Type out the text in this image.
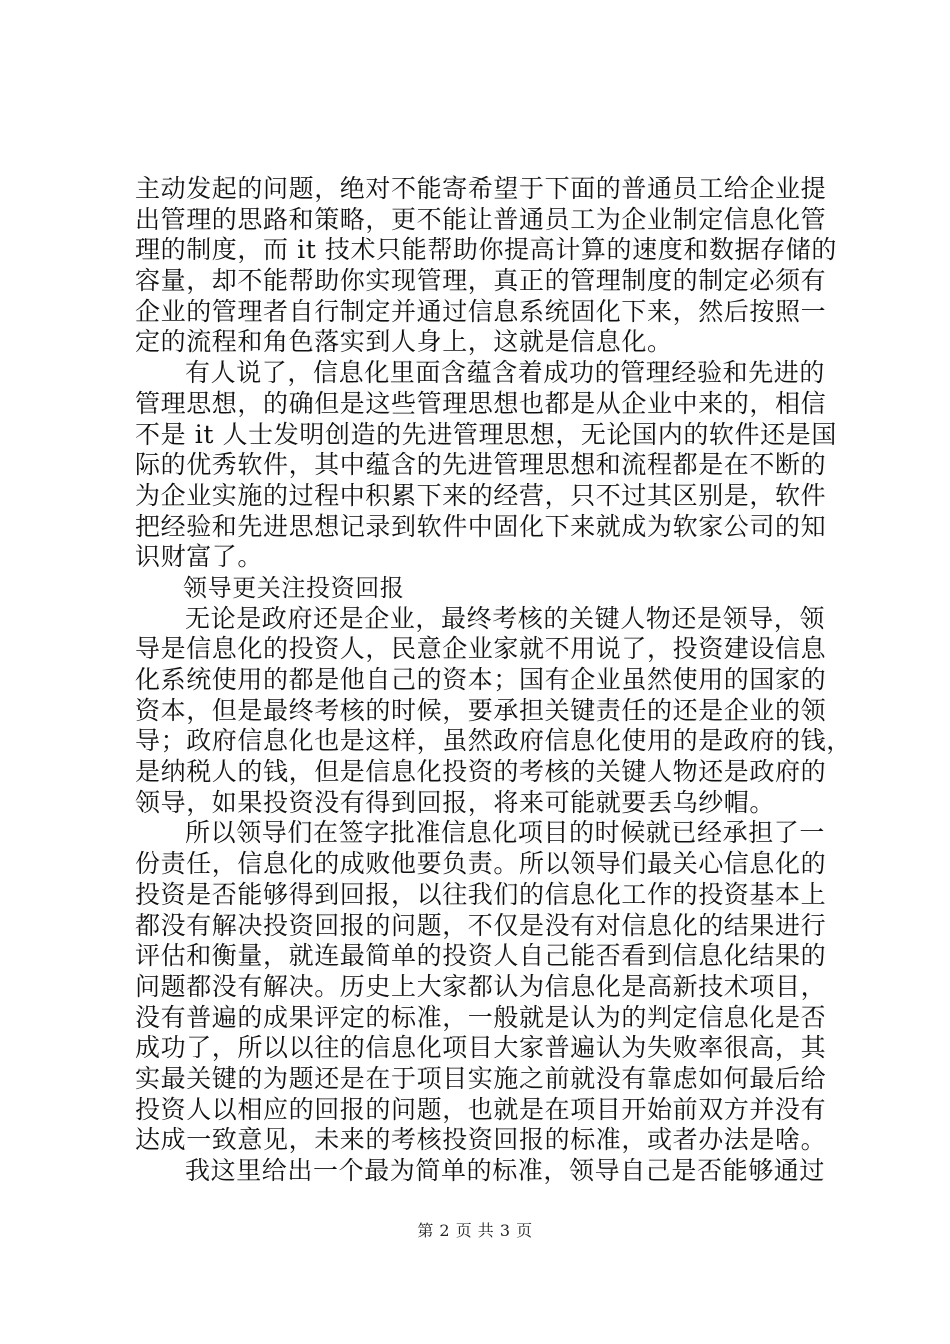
主动发起的问题，绝对不能寄希望于下面的普通员工给企业提
出管理的思路和策略，更不能让普通员工为企业制定信息化管
理的制度，而 it 技术只能帮助你提高计算的速度和数据存储的
容量，却不能帮助你实现管理，真正的管理制度的制定必须有
企业的管理者自行制定并通过信息系统固化下来，然后按照一
定的流程和角色落实到人身上，这就是信息化。
有人说了，信息化里面含蕴含着成功的管理经验和先进的
管理思想，的确但是这些管理思想也都是从企业中来的，相信
不是 it 人士发明创造的先进管理思想，无论国内的软件还是国
际的优秀软件，其中蕴含的先进管理思想和流程都是在不断的
为企业实施的过程中积累下来的经营，只不过其区别是，软件
把经验和先进思想记录到软件中固化下来就成为软家公司的知
识财富了。
领导更关注投资回报
无论是政府还是企业，最终考核的关键人物还是领导，领
导是信息化的投资人，民意企业家就不用说了，投资建设信息
化系统使用的都是他自己的资本；国有企业虽然使用的国家的
资本，但是最终考核的时候，要承担关键责任的还是企业的领
导；政府信息化也是这样，虽然政府信息化使用的是政府的钱，
是纳税人的钱，但是信息化投资的考核的关键人物还是政府的
领导，如果投资没有得到回报，将来可能就要丢乌纱帽。
所以领导们在签字批准信息化项目的时候就已经承担了一
份责任，信息化的成败他要负责。所以领导们最关心信息化的
投资是否能够得到回报，以往我们的信息化工作的投资基本上
都没有解决投资回报的问题，不仅是没有对信息化的结果进行
评估和衡量，就连最简单的投资人自己能否看到信息化结果的
问题都没有解决。历史上大家都认为信息化是高新技术项目，
没有普遍的成果评定的标准，一般就是认为的判定信息化是否
成功了，所以以往的信息化项目大家普遍认为失败率很高，其
实最关键的为题还是在于项目实施之前就没有靠虑如何最后给
投资人以相应的回报的问题，也就是在项目开始前双方并没有
达成一致意见，未来的考核投资回报的标准，或者办法是啥。
我这里给出一个最为简单的标准，领导自己是否能够通过
第 2 页 共 3 页
